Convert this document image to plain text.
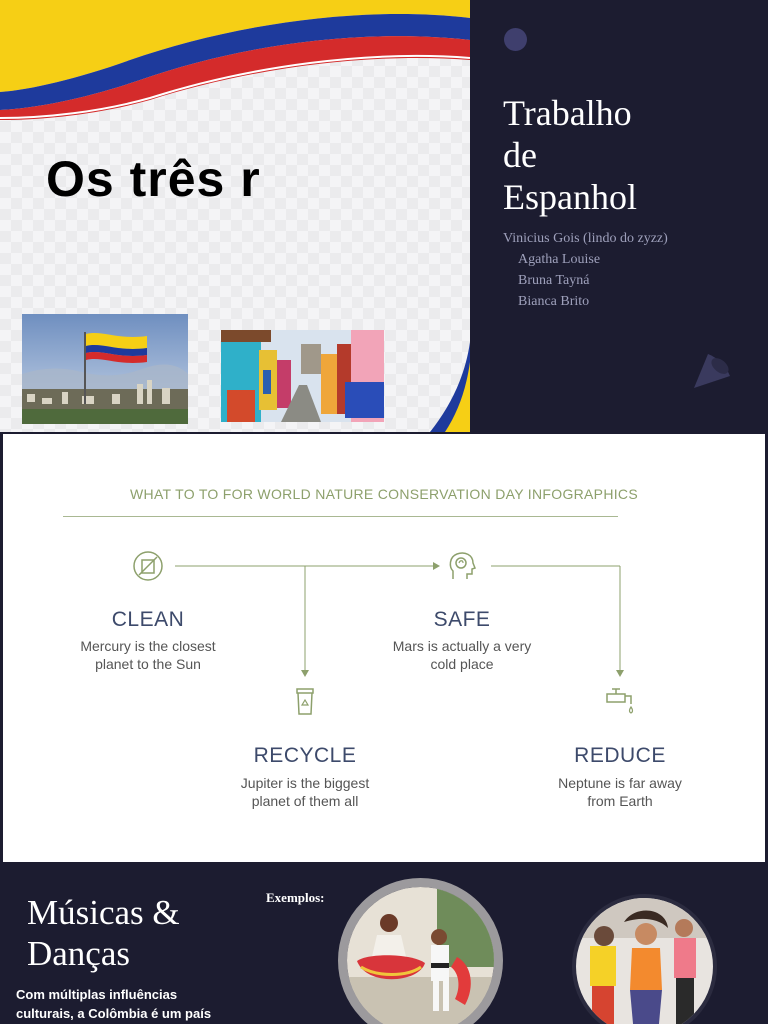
Os três r
Trabalho
de
Espanhol
Vinicius Gois (lindo do zyzz)
Agatha Louise
Bruna Tayná
Bianca Brito
WHAT TO TO FOR WORLD NATURE CONSERVATION DAY INFOGRAPHICS
CLEAN
Mercury is the closest
planet to the Sun
SAFE
Mars is actually a very
cold place
RECYCLE
Jupiter is the biggest
planet of them all
REDUCE
Neptune is far away
from Earth
Músicas &
Danças
Exemplos:
Com múltiplas influências
culturais, a Colômbia é um país
